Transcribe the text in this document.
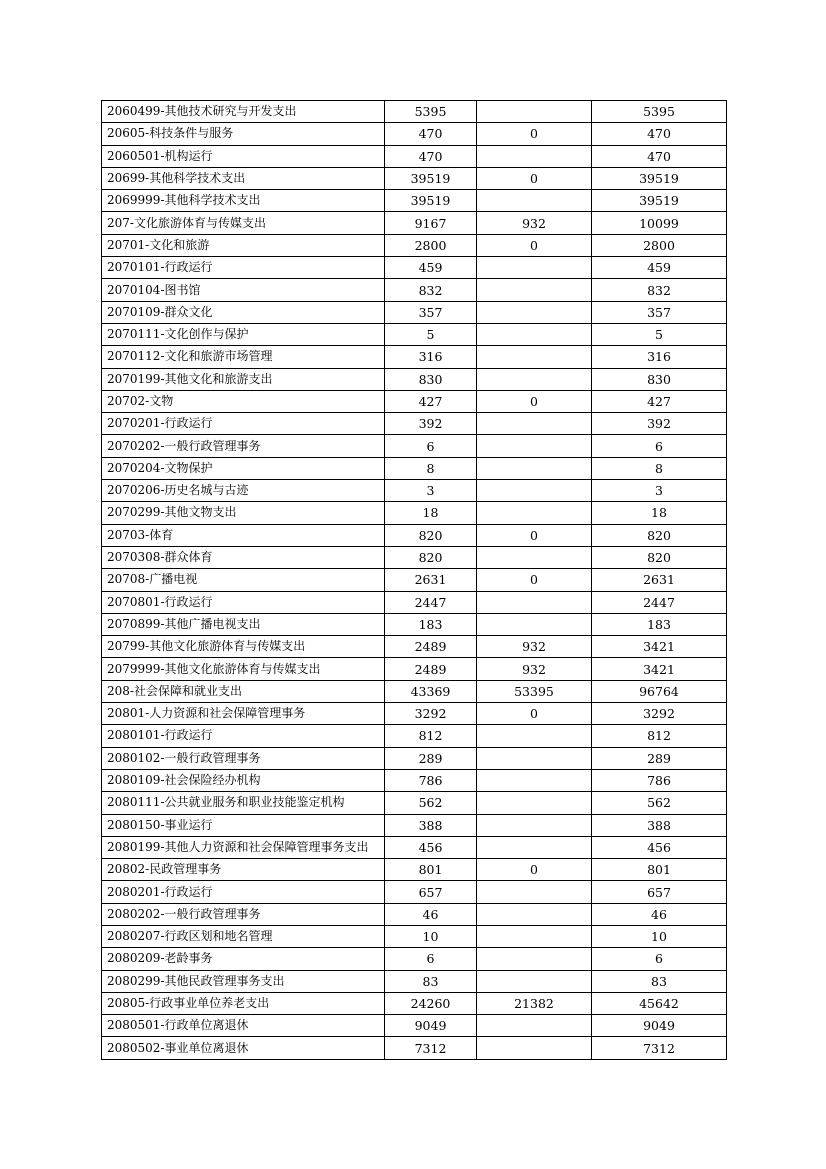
2060499-其他技术研究与开发支出	5395		5395
20605-科技条件与服务	470	0	470
2060501-机构运行	470		470
20699-其他科学技术支出	39519	0	39519
2069999-其他科学技术支出	39519		39519
207-文化旅游体育与传媒支出	9167	932	10099
20701-文化和旅游	2800	0	2800
2070101-行政运行	459		459
2070104-图书馆	832		832
2070109-群众文化	357		357
2070111-文化创作与保护	5		5
2070112-文化和旅游市场管理	316		316
2070199-其他文化和旅游支出	830		830
20702-文物	427	0	427
2070201-行政运行	392		392
2070202-一般行政管理事务	6		6
2070204-文物保护	8		8
2070206-历史名城与古迹	3		3
2070299-其他文物支出	18		18
20703-体育	820	0	820
2070308-群众体育	820		820
20708-广播电视	2631	0	2631
2070801-行政运行	2447		2447
2070899-其他广播电视支出	183		183
20799-其他文化旅游体育与传媒支出	2489	932	3421
2079999-其他文化旅游体育与传媒支出	2489	932	3421
208-社会保障和就业支出	43369	53395	96764
20801-人力资源和社会保障管理事务	3292	0	3292
2080101-行政运行	812		812
2080102-一般行政管理事务	289		289
2080109-社会保险经办机构	786		786
2080111-公共就业服务和职业技能鉴定机构	562		562
2080150-事业运行	388		388
2080199-其他人力资源和社会保障管理事务支出	456		456
20802-民政管理事务	801	0	801
2080201-行政运行	657		657
2080202-一般行政管理事务	46		46
2080207-行政区划和地名管理	10		10
2080209-老龄事务	6		6
2080299-其他民政管理事务支出	83		83
20805-行政事业单位养老支出	24260	21382	45642
2080501-行政单位离退休	9049		9049
2080502-事业单位离退休	7312		7312
